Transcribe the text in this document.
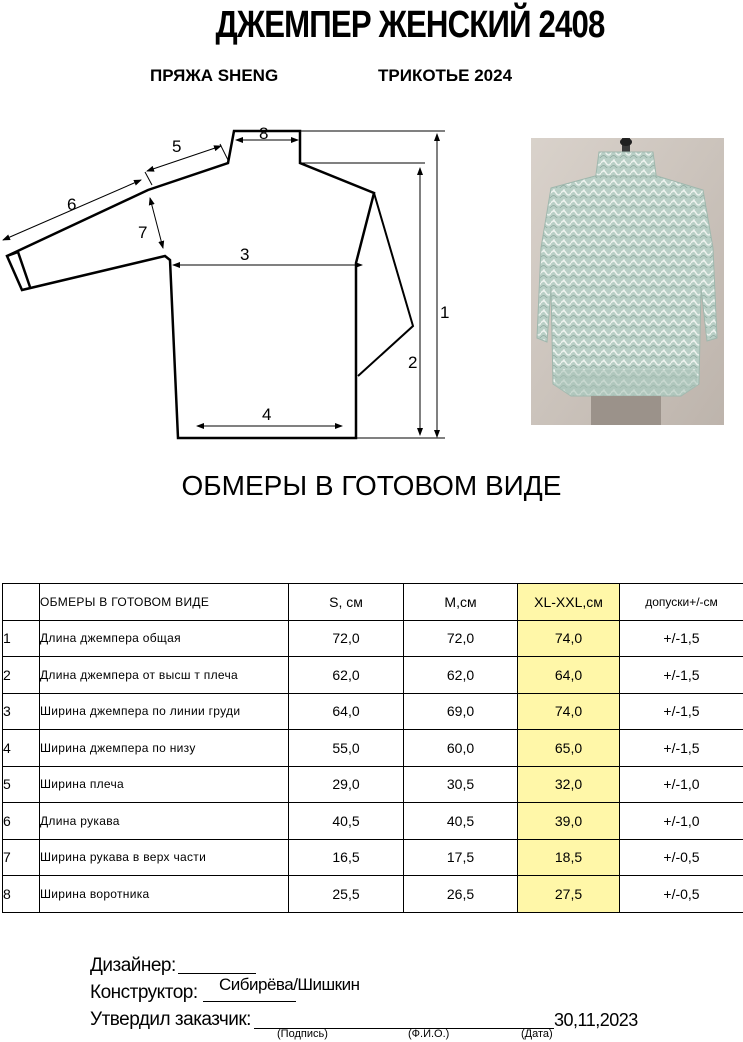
ДЖЕМПЕР ЖЕНСКИЙ 2408
ПРЯЖА SHENG	ТРИКОТЬЕ 2024
1
2
3
4
5
6
7
8
ОБМЕРЫ В ГОТОВОМ ВИДЕ
	ОБМЕРЫ В ГОТОВОМ ВИДЕ	S, см	M,см	XL-XXL,см	допуски+/-см
1	Длина джемпера общая	72,0	72,0	74,0	+/-1,5
2	Длина джемпера от высш т плеча	62,0	62,0	64,0	+/-1,5
3	Ширина джемпера по линии груди	64,0	69,0	74,0	+/-1,5
4	Ширина джемпера по низу	55,0	60,0	65,0	+/-1,5
5	Ширина плеча	29,0	30,5	32,0	+/-1,0
6	Длина рукава	40,5	40,5	39,0	+/-1,0
7	Ширина рукава в верх части	16,5	17,5	18,5	+/-0,5
8	Ширина воротника	25,5	26,5	27,5	+/-0,5
Дизайнер:
Конструктор: Сибирёва/Шишкин
Утвердил заказчик:	30,11,2023
(Подпись)	(Ф.И.О.)	(Дата)
